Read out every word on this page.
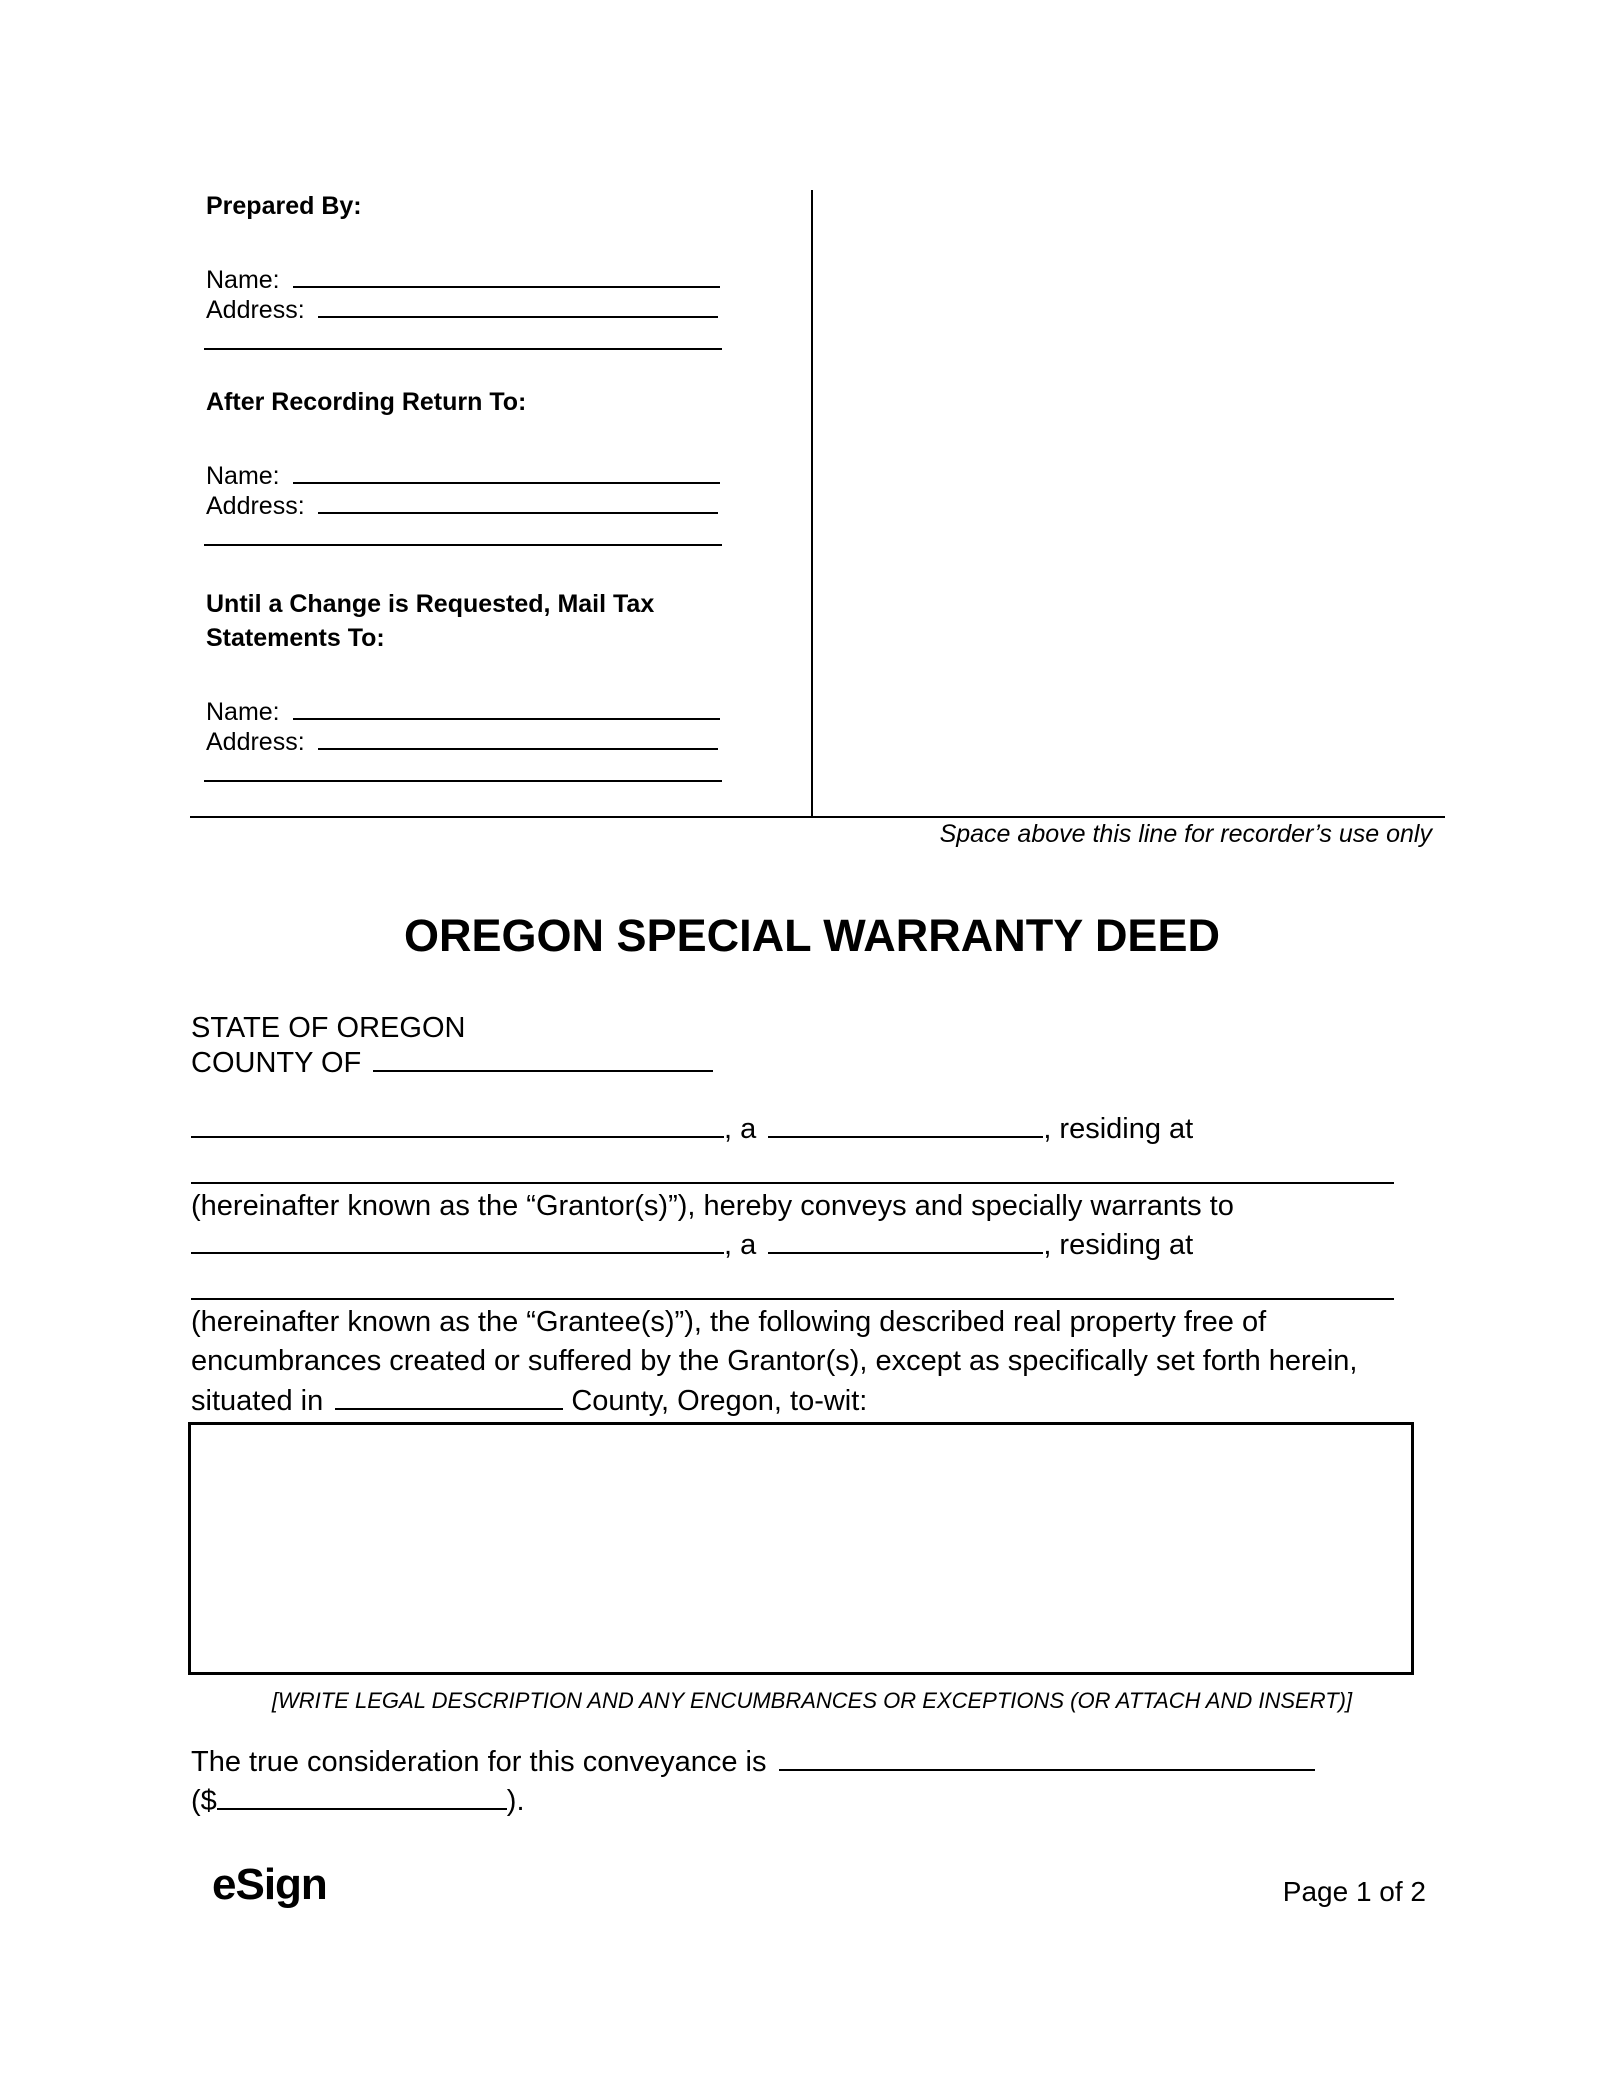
Prepared By:
Name:
Address:
After Recording Return To:
Name:
Address:
Until a Change is Requested, Mail Tax
Statements To:
Name:
Address:
Space above this line for recorder’s use only
OREGON SPECIAL WARRANTY DEED
STATE OF OREGON
COUNTY OF
, a	, residing at
(hereinafter known as the “Grantor(s)”), hereby conveys and specially warrants to
, a	, residing at
(hereinafter known as the “Grantee(s)”), the following described real property free of
encumbrances created or suffered by the Grantor(s), except as specifically set forth herein,
situated in	County, Oregon, to-wit:
[WRITE LEGAL DESCRIPTION AND ANY ENCUMBRANCES OR EXCEPTIONS (OR ATTACH AND INSERT)]
The true consideration for this conveyance is
($	).
eSign	Page 1 of 2
